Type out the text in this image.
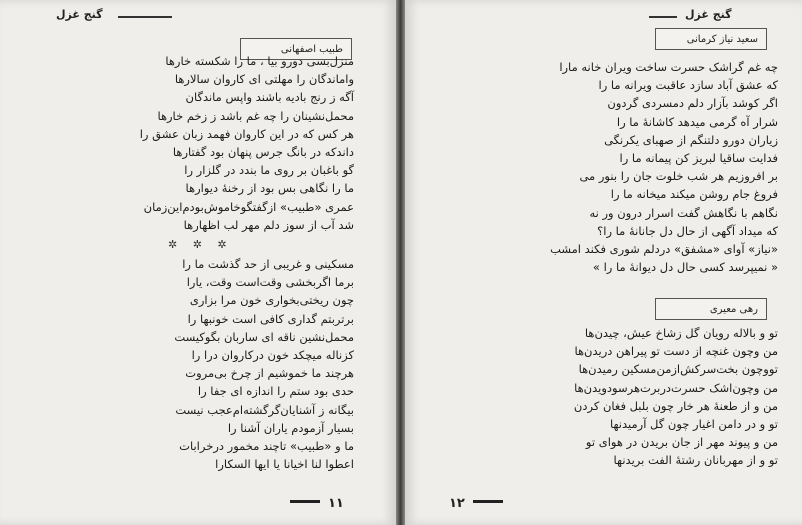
گنج غزل
طبیب اصفهانی
منزل‌بسی دورو بیا ، ما را شکسته خارها
واماندگان را مهلتی ای کاروان سالارها
آگه ز رنج بادیه باشند واپس ماندگان
محمل‌نشینان را چه غم باشد ز زخم خارها
هر کس که در این کاروان فهمد زبان عشق را
داندکه در بانگ جرس پنهان بود گفتارها
گو باغبان بر روی ما بندد در گلزار را
ما را نگاهی بس بود از رخنهٔ دیوارها
عمری «طبیب» ازگفتگوخاموش‌بودم‌این‌زمان
شد آب از سوز دلم مهر لب اظهارها
✲ ✲ ✲
مسکینی و غریبی از حد گذشت ما را
برما اگربخشی وقت‌است وقت، یارا
چون ریختی‌بخواری خون مرا بزاری
برتربتم گداری کافی است خونبها را
محمل‌نشین ناقه ای ساربان بگوکیست
کزناله میچکد خون درکاروان درا را
هرچند ما خموشیم از چرخ بی‌مروت
حدی بود ستم را اندازه ای جفا را
بیگانه ز آشنایان‌گرگشته‌ام‌عجب نیست
بسیار آزمودم یاران آشنا را
ما و «طبیب» تاچند مخمور درخرابات
اعطوا لنا اخیانا یا ایها السکارا
۱۱
گنج غزل
سعید نیاز کرمانی
چه غم گراشک حسرت ساخت ویران خانه مارا
که‌ عشق آباد سازد عاقبت ویرانه ما را
اگر کوشد بآزار دلم دمسردی گردون
شرار آه گرمی میدهد کاشانهٔ ما را
زیاران دورو دلتنگم از صهبای یکرنگی
فدایت ساقیا لبریز کن پیمانه ما را
بر افروزیم هر شب خلوت جان را بنور می
فروغ جام روشن میکند میخانه ما را
نگاهم با نگاهش گفت اسرار درون ور نه
که میداد آگهی از حال دل جانانهٔ ما را؟
«نیاز» آوای «مشفق» دردلم شوری فکند امشب
« نمیپرسد کسی حال دل دیوانهٔ ما را »
رهی معیری
تو و بالاله رویان گل زشاخ عیش، چیدن‌ها
من وچون غنچه از دست تو پیراهن دریدن‌ها
تووچون بخت‌سرکش‌ازمن‌مسکین رمیدن‌ها
من وچون‌اشک حسرت‌دربرت‌هرسودویدن‌ها
من و از طعنهٔ هر خار چون بلبل فغان کردن
تو و در دامن اغیار چون گل آرمیدنها
من و پیوند مهر از جان بریدن در هوای تو
تو و از مهربانان رشتهٔ الفت بریدنها
۱۲
